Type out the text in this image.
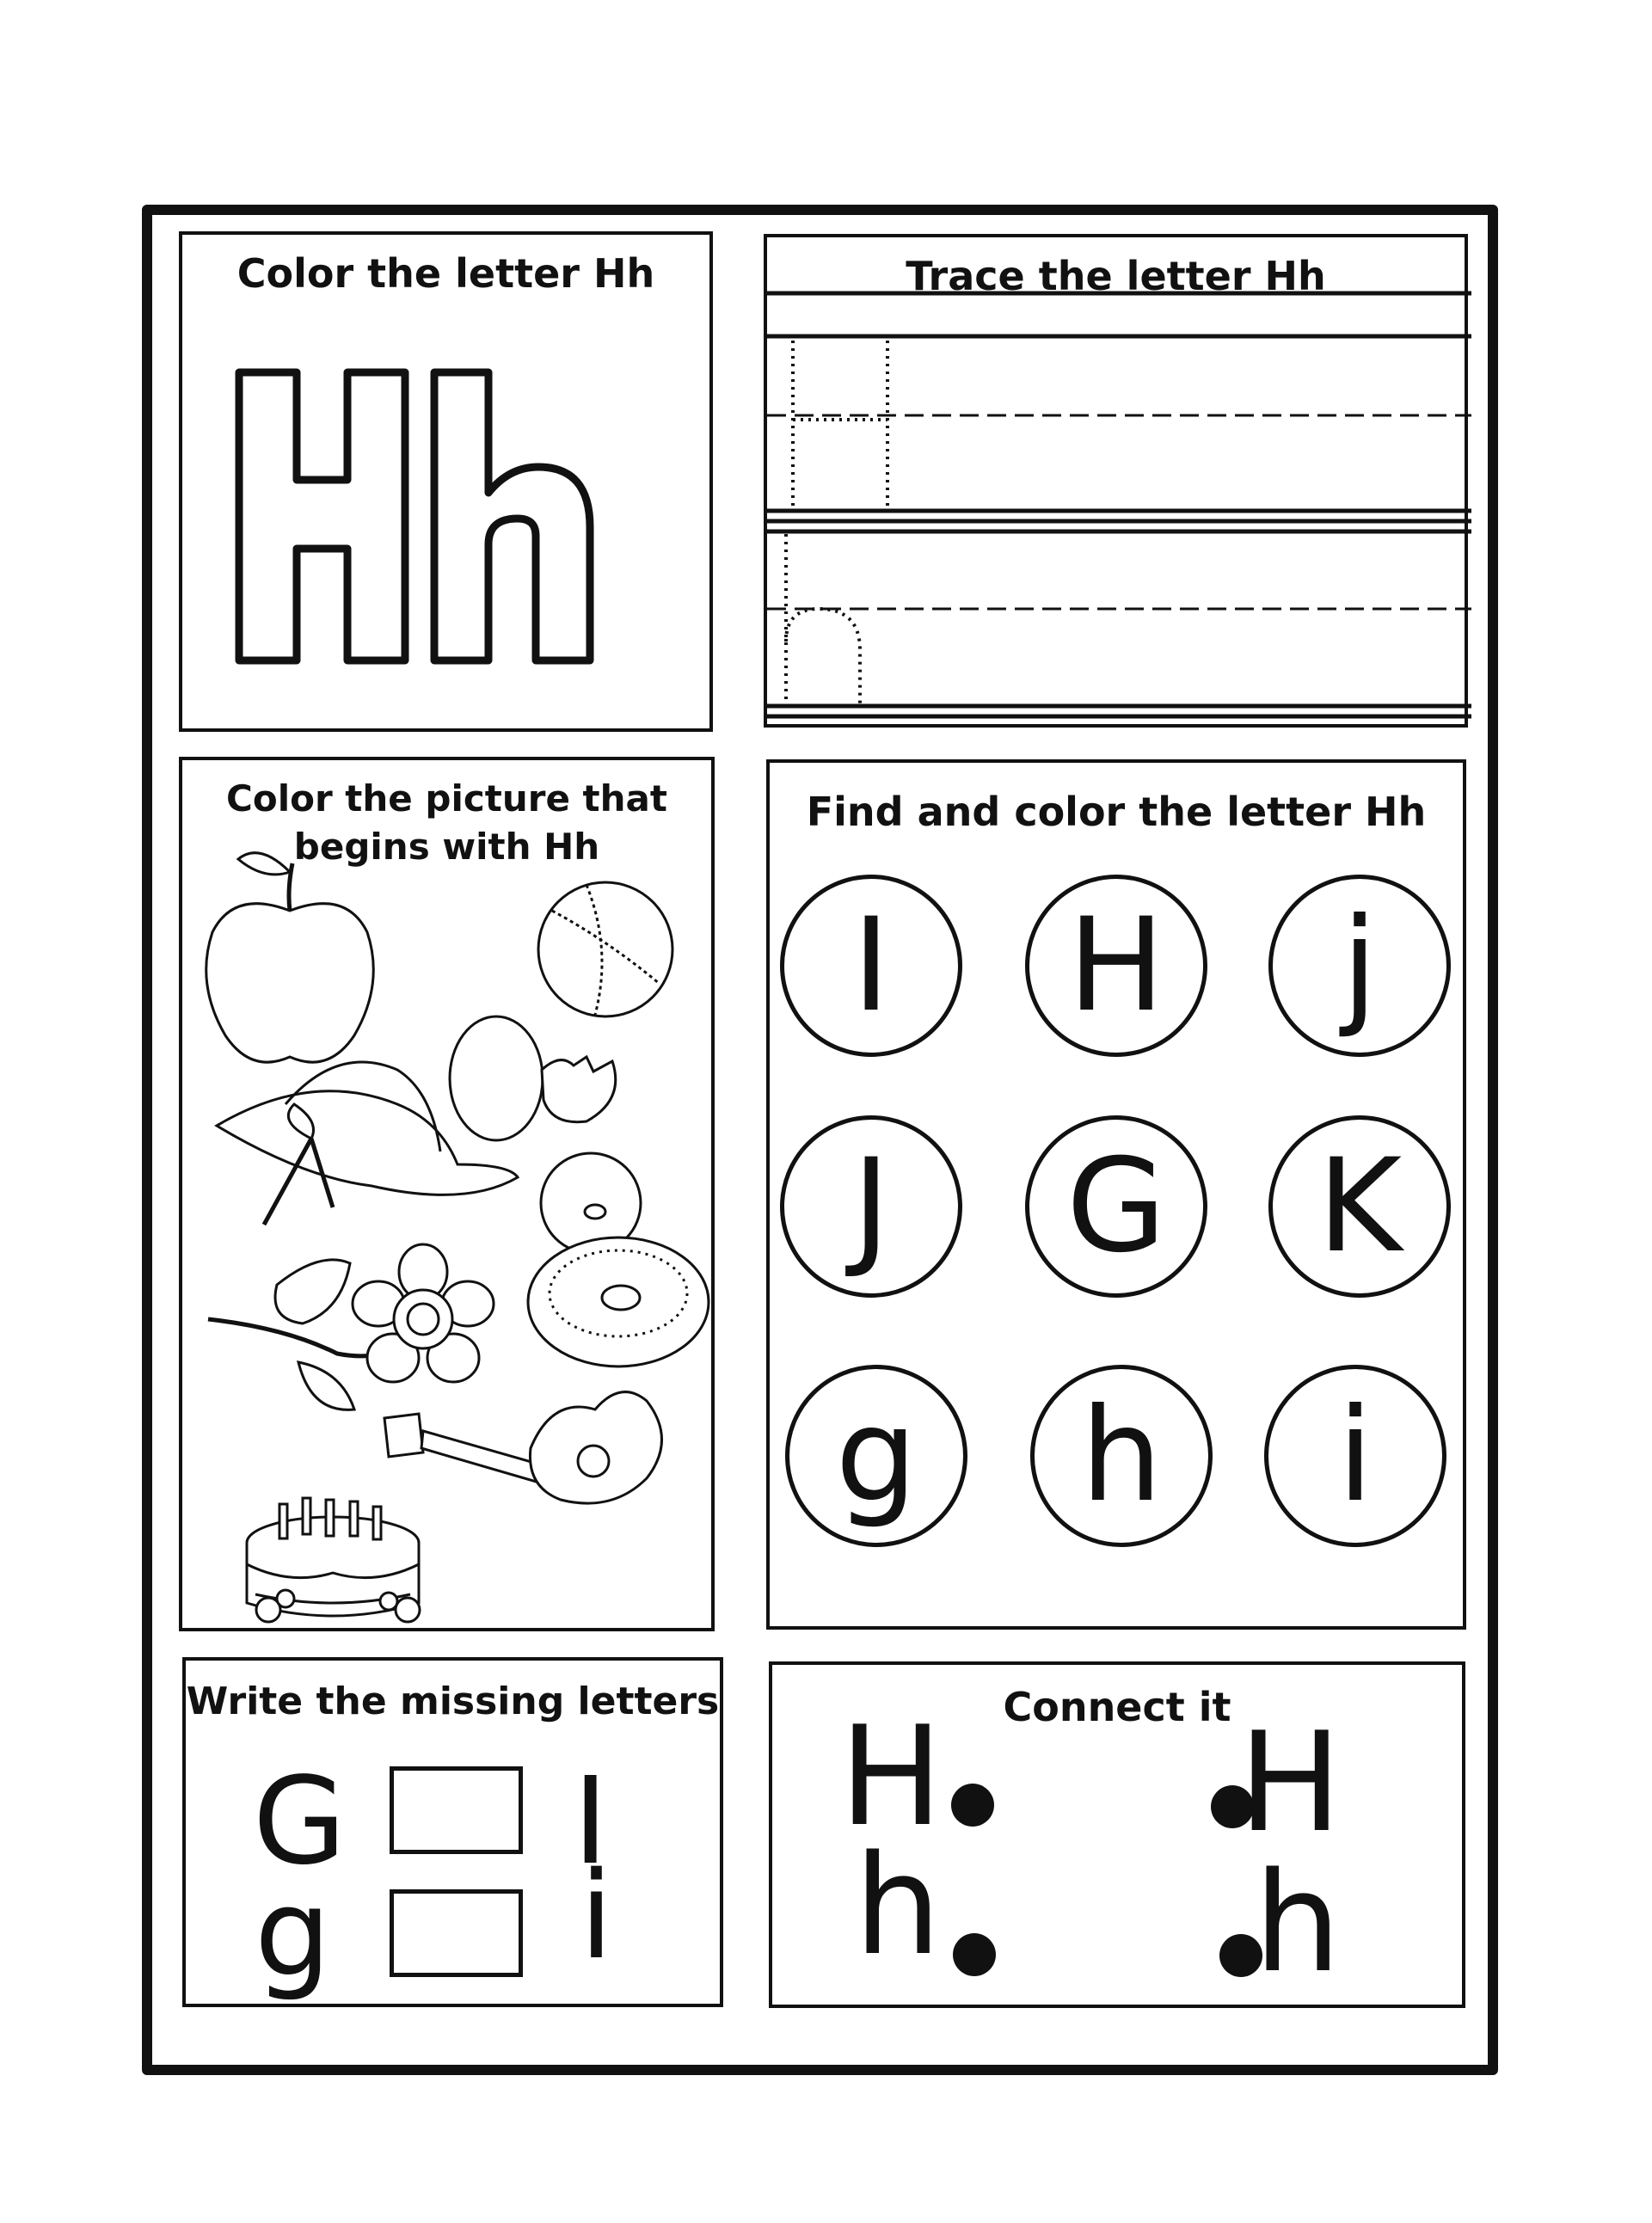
Color the letter Hh	Trace the letter Hh
Color the picture that
begins with Hh
Find and color the letter Hh
I	H	j
J	G	K
g	h	i
Write the missing letters
G I
g i
Connect it
H H
h h
